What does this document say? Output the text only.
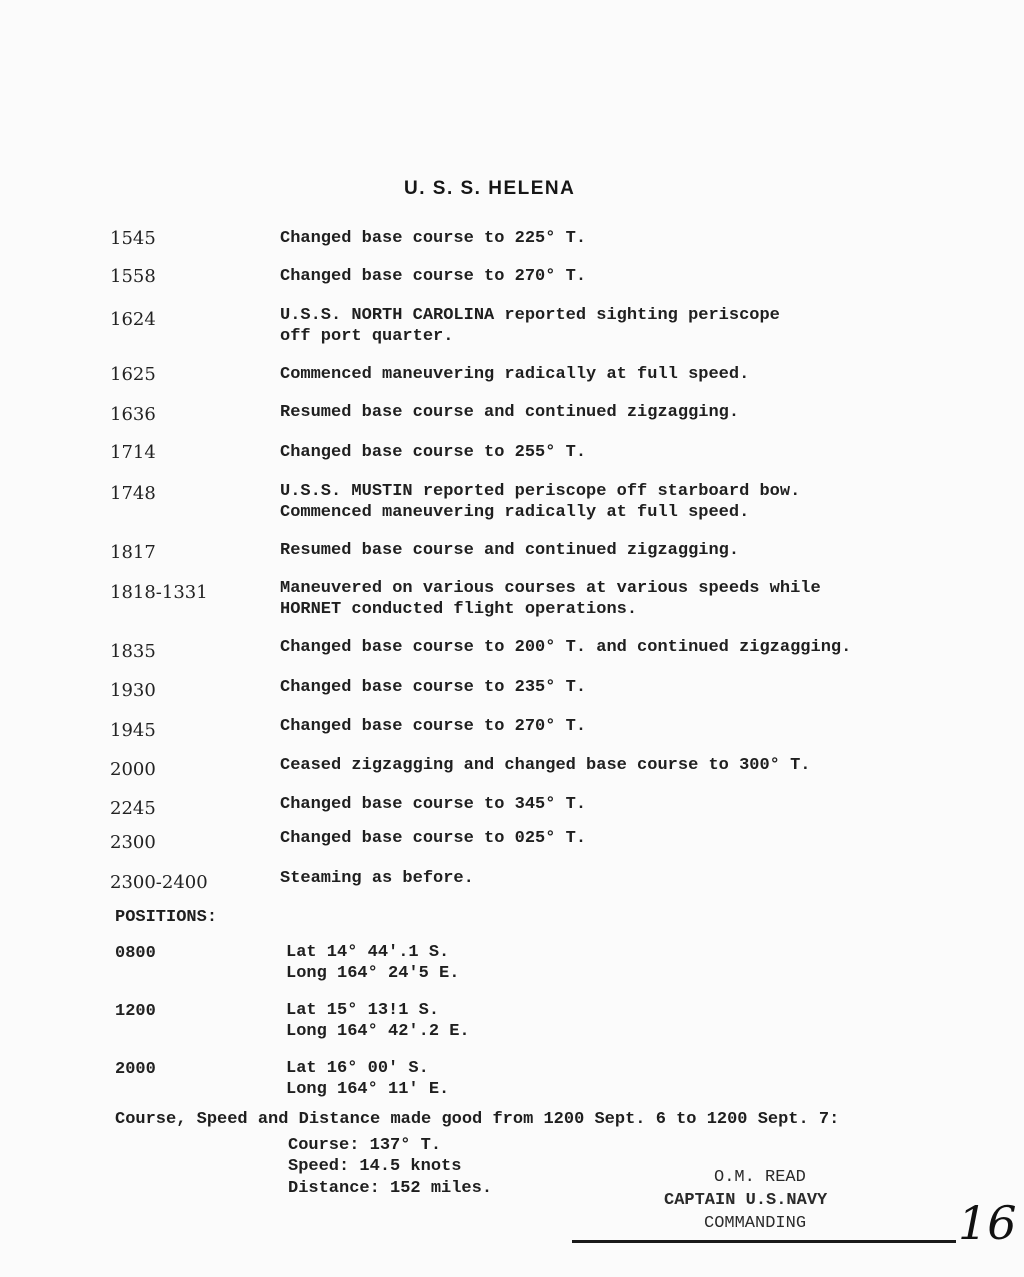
U. S. S. HELENA
1545	Changed base course to 225° T.
1558	Changed base course to 270° T.
1624	U.S.S. NORTH CAROLINA reported sighting periscope
off port quarter.
1625	Commenced maneuvering radically at full speed.
1636	Resumed base course and continued zigzagging.
1714	Changed base course to 255° T.
1748	U.S.S. MUSTIN reported periscope off starboard bow.
Commenced maneuvering radically at full speed.
1817	Resumed base course and continued zigzagging.
1818-1331	Maneuvered on various courses at various speeds while
HORNET conducted flight operations.
1835	Changed base course to 200° T. and continued zigzagging.
1930	Changed base course to 235° T.
1945	Changed base course to 270° T.
2000	Ceased zigzagging and changed base course to 300° T.
2245	Changed base course to 345° T.
2300	Changed base course to 025° T.
2300-2400	Steaming as before.
POSITIONS:
0800	Lat 14° 44'.1 S.
Long 164° 24'5 E.
1200	Lat 15° 13!1 S.
Long 164° 42'.2 E.
2000	Lat 16° 00' S.
Long 164° 11' E.
Course, Speed and Distance made good from 1200 Sept. 6 to 1200 Sept. 7:
Course: 137° T.
Speed: 14.5 knots
Distance: 152 miles.
O.M. READ
CAPTAIN U.S.NAVY
COMMANDING	16
